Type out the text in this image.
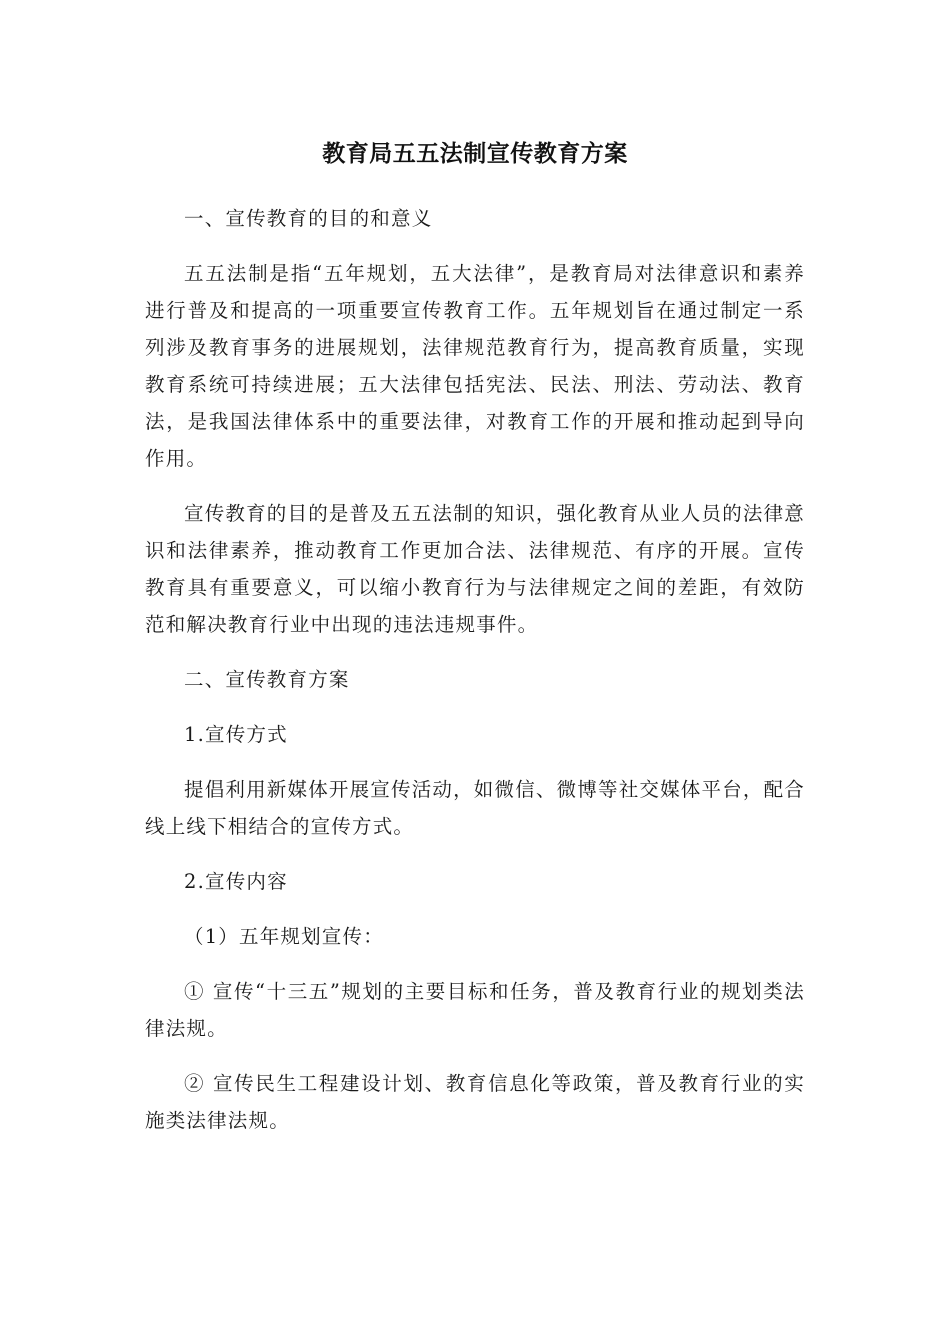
教育局五五法制宣传教育方案

一、宣传教育的目的和意义

五五法制是指“五年规划，五大法律”，是教育局对法律意识和素养进行普及和提高的一项重要宣传教育工作。五年规划旨在通过制定一系列涉及教育事务的进展规划，法律规范教育行为，提高教育质量，实现教育系统可持续进展；五大法律包括宪法、民法、刑法、劳动法、教育法，是我国法律体系中的重要法律，对教育工作的开展和推动起到导向作用。

宣传教育的目的是普及五五法制的知识，强化教育从业人员的法律意识和法律素养，推动教育工作更加合法、法律规范、有序的开展。宣传教育具有重要意义，可以缩小教育行为与法律规定之间的差距，有效防范和解决教育行业中出现的违法违规事件。

二、宣传教育方案

1.宣传方式

提倡利用新媒体开展宣传活动，如微信、微博等社交媒体平台，配合线上线下相结合的宣传方式。

2.宣传内容

（1）五年规划宣传：

① 宣传“十三五”规划的主要目标和任务，普及教育行业的规划类法律法规。

② 宣传民生工程建设计划、教育信息化等政策，普及教育行业的实施类法律法规。
